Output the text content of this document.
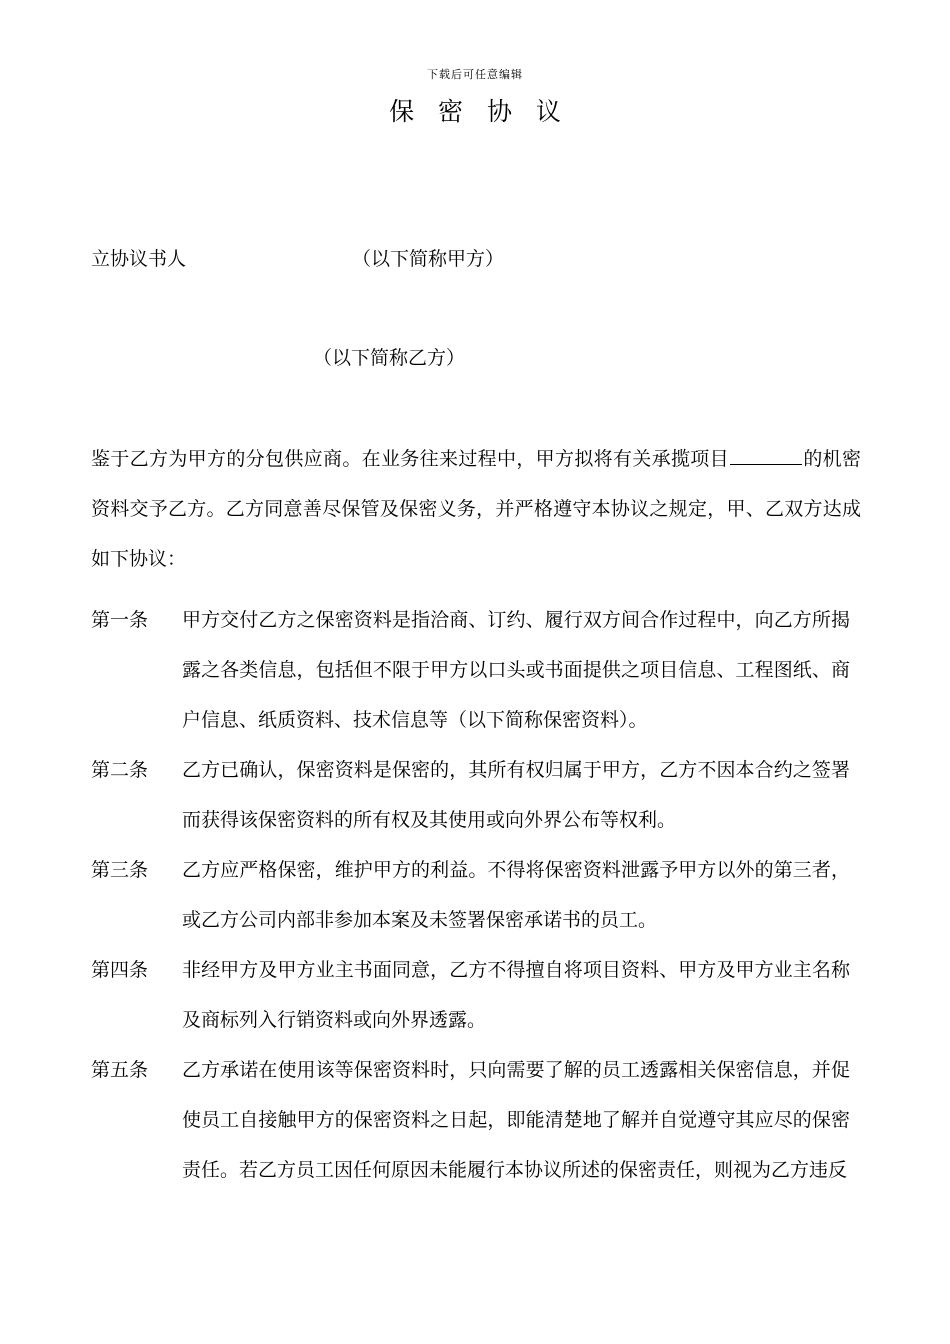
下载后可任意编辑
保 密 协 议
立协议书人	（以下简称甲方）
（以下简称乙方）
鉴于乙方为甲方的分包供应商。在业务往来过程中，甲方拟将有关承揽项目	的机密资料交予乙方。乙方同意善尽保管及保密义务，并严格遵守本协议之规定，甲、乙双方达成如下协议：
第一条 甲方交付乙方之保密资料是指洽商、订约、履行双方间合作过程中，向乙方所揭露之各类信息，包括但不限于甲方以口头或书面提供之项目信息、工程图纸、商户信息、纸质资料、技术信息等（以下简称保密资料）。
第二条 乙方已确认，保密资料是保密的，其所有权归属于甲方，乙方不因本合约之签署而获得该保密资料的所有权及其使用或向外界公布等权利。
第三条 乙方应严格保密，维护甲方的利益。不得将保密资料泄露予甲方以外的第三者，或乙方公司内部非参加本案及未签署保密承诺书的员工。
第四条 非经甲方及甲方业主书面同意，乙方不得擅自将项目资料、甲方及甲方业主名称及商标列入行销资料或向外界透露。
第五条 乙方承诺在使用该等保密资料时，只向需要了解的员工透露相关保密信息，并促使员工自接触甲方的保密资料之日起，即能清楚地了解并自觉遵守其应尽的保密责任。若乙方员工因任何原因未能履行本协议所述的保密责任，则视为乙方违反
